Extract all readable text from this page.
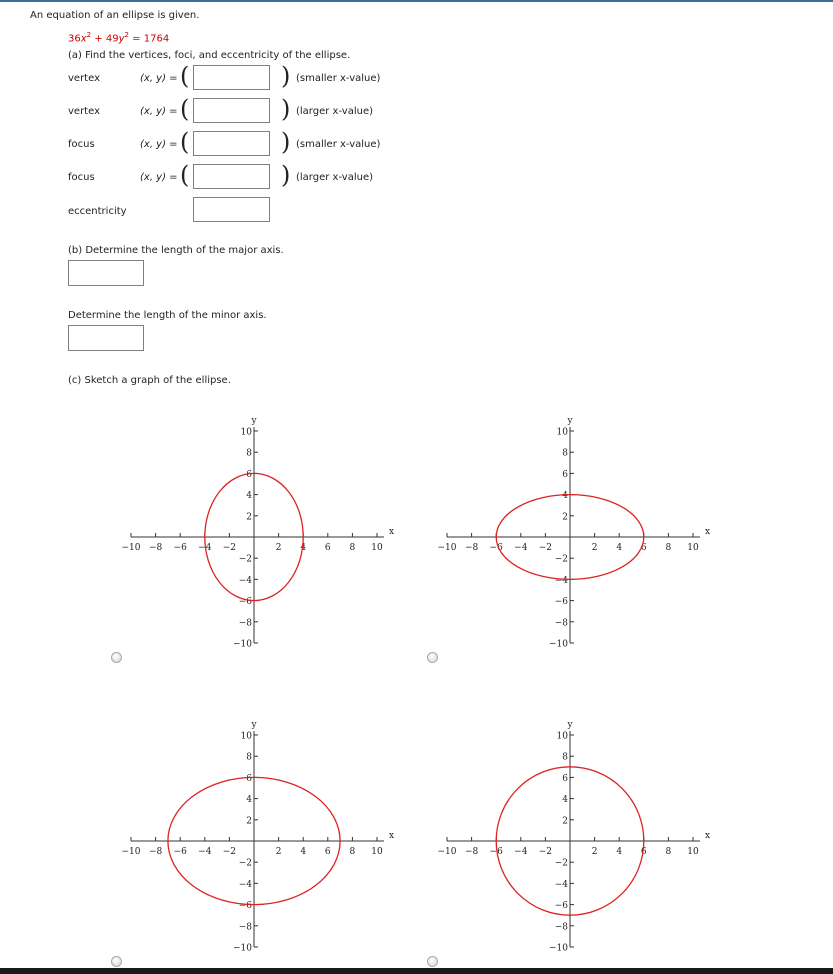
An equation of an ellipse is given.
$36x^2 + 49y^2 = 1764$
(a) Find the vertices, foci, and eccentricity of the ellipse.
vertex	(x, y) = (	) (smaller x-value)
vertex	(x, y) = (	) (larger x-value)
focus	(x, y) = (	) (smaller x-value)
focus	(x, y) = (	) (larger x-value)
eccentricity
(b) Determine the length of the major axis.
Determine the length of the minor axis.
(c) Sketch a graph of the ellipse.
x
y
−10 −8 −6 −4 −2	2 4 6 8 10
10
8
6
4
2
−2
−4
−6
−8
−10
x
y
−10 −8 −6 −4 −2	2 4 6 8 10
10
8
6
4
2
−2
−4
−6
−8
−10
x
y
−10 −8 −6 −4 −2	2 4 6 8 10
10
8
6
4
2
−2
−4
−6
−8
−10
x
y
−10 −8 −6 −4 −2	2 4 6 8 10
10
8
6
4
2
−2
−4
−6
−8
−10
